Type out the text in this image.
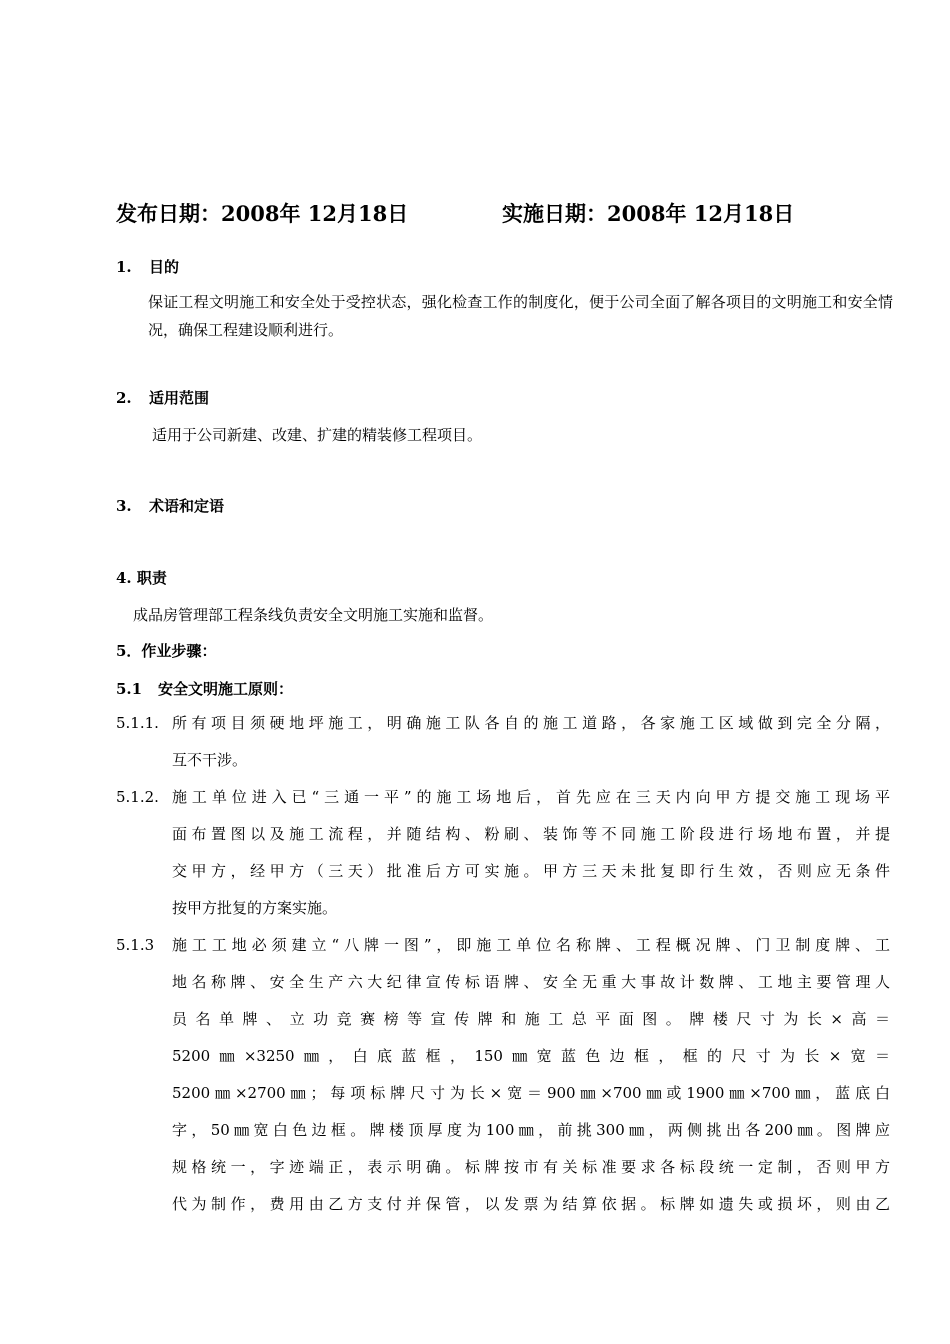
发布日期：2008年 12月18日	实施日期：2008年 12月18日
1. 目的
保证工程文明施工和安全处于受控状态，强化检查工作的制度化，便于公司全面了解各项目的文明施工和安全情况，确保工程建设顺利进行。
2. 适用范围
适用于公司新建、改建、扩建的精装修工程项目。
3. 术语和定语
4. 职责
成品房管理部工程条线负责安全文明施工实施和监督。
5．作业步骤：
5.1 安全文明施工原则：
5.1.1. 所有项目须硬地坪施工，明确施工队各自的施工道路，各家施工区域做到完全分隔，
互不干涉。
5.1.2. 施工单位进入已“三通一平”的施工场地后，首先应在三天内向甲方提交施工现场平
面布置图以及施工流程，并随结构、粉刷、装饰等不同施工阶段进行场地布置，并提
交甲方，经甲方（三天）批准后方可实施。甲方三天未批复即行生效，否则应无条件
按甲方批复的方案实施。
5.1.3 施工工地必须建立“八牌一图”，即施工单位名称牌、工程概况牌、门卫制度牌、工
地名称牌、安全生产六大纪律宣传标语牌、安全无重大事故计数牌、工地主要管理人
员名单牌、立功竞赛榜等宣传牌和施工总平面图。牌楼尺寸为长×高＝
5200㎜×3250㎜，白底蓝框，150㎜宽蓝色边框，框的尺寸为长×宽＝
5200㎜×2700㎜；每项标牌尺寸为长×宽＝900㎜×700㎜或1900㎜×700㎜，蓝底白
字，50㎜宽白色边框。牌楼顶厚度为100㎜，前挑300㎜，两侧挑出各200㎜。图牌应
规格统一，字迹端正，表示明确。标牌按市有关标准要求各标段统一定制，否则甲方
代为制作，费用由乙方支付并保管，以发票为结算依据。标牌如遗失或损坏，则由乙
